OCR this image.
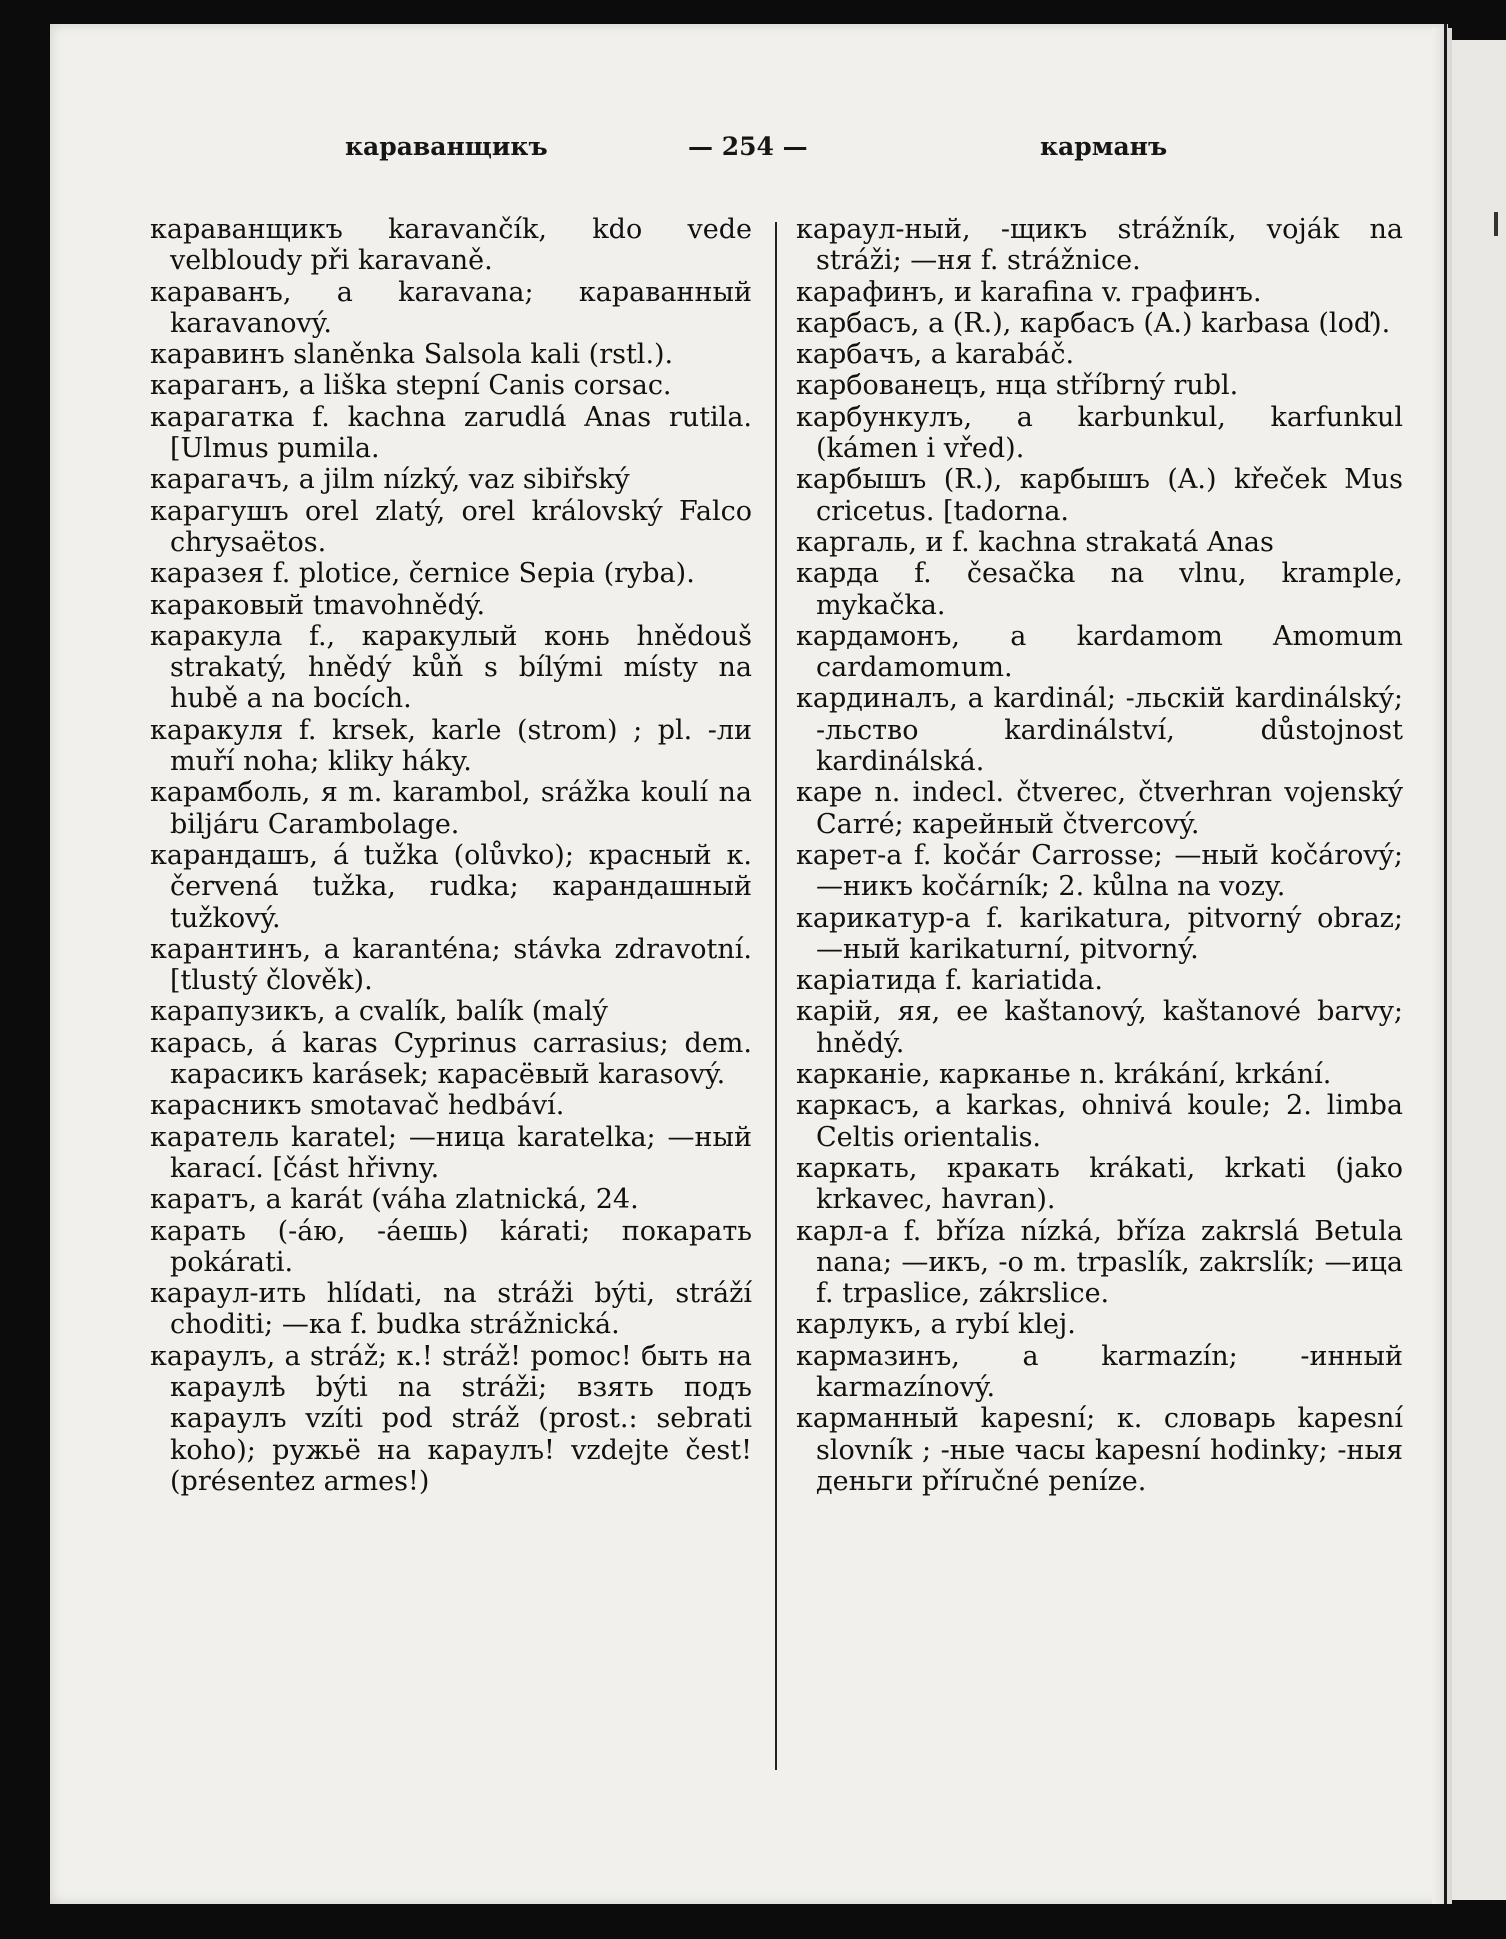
караванщикъ	— 254 —	карманъ

караванщикъ karavančík, kdo vede velbloudy při karavaně.

караванъ, a karavana; караванный karavanový.

каравинъ slaněnka Salsola kali (rstl.).

карaганъ, a liška stepní Canis corsac.

карагатка f. kachna zarudlá Anas rutila. [Ulmus pumila.

карагачъ, a jilm nízký, vaz sibiřský

карагушъ orel zlatý, orel královský Falco chrysaëtos.

каразея f. plotice, černice Sepia (ryba).

караковый tmavohnědý.

каракула f., каракулый конь hnědouš strakatý, hnědý kůň s bílými místy na hubě a na bocích.

каракуля f. krsek, karle (strom) ; pl. -ли muří noha; kliky háky.

карамболь, я m. karambol, srážka koulí na biljáru Carambolage.

карандашъ, á tužka (olůvko); красный к. červená tužka, rudka; карандашный tužkový.

карантинъ, a karanténa; stávka zdravotní. [tlustý člověk).

карапузикъ, a cvalík, balík (malý

карась, á karas Cyprinus carrasius; dem. карасикъ karásek; карасёвый karasový.

карасникъ smotavač hedbáví.

каратель karatel; —ница karatelka; —ный karací. [část hřivny.

каратъ, a karát (váha zlatnická, 24.

карать (-áю, -áешь) kárati; покарать pokárati.

карaул-ить hlídati, na stráži býti, stráží choditi; —ка f. budka strážnická.

караулъ, a stráž; к.! stráž! pomoc! быть на караулѣ býti na stráži; взять подъ караулъ vzíti pod stráž (prost.: sebrati koho); ружьё на караулъ! vzdejte čest! (présentez armes!)

караул-ный, -щикъ strážník, voják na stráži; —ня f. strážnice.

карафинъ, и karafina v. графинъ.

карбасъ, a (R.), карбасъ (A.) karbasa (loď).

карбачъ, a karabáč.

карбованецъ, нца stříbrný rubl.

карбункулъ, a karbunkul, karfunkul (kámen i vřed).

карбышъ (R.), карбышъ (A.) křeček Mus cricetus. [tadorna.

каргаль, и f. kachna strakatá Anas

карда f. česačka na vlnu, krample, mykačka.

кардамонъ, a kardamom Amomum cardamomum.

кардиналъ, a kardinál; -льскій kardinálský; -льство kardinálství, důstojnost kardinálská.

каре n. indecl. čtverec, čtverhran vojenský Carré; карейный čtvercový.

карет-а f. kočár Carrosse; —ный kočárový; —никъ kočárník; 2. kůlna na vozy.

карикатур-а f. karikatura, pitvorný obraz; —ный karikaturní, pitvorný.

каріатида f. kariatida.

карій, яя, ее kaštanový, kaštanové barvy; hnědý.

карканіе, карканье n. krákání, krkání.

каркасъ, a karkas, ohnivá koule; 2. limba Celtis orientalis.

каркать, кракать krákati, krkati (jako krkavec, havran).

карл-а f. bříza nízká, bříza zakrslá Betula nana; —икъ, -o m. trpaslík, zakrslík; —ица f. trpaslice, zákrslice.

карлукъ, a rybí klej.

кармазинъ, a karmazín; -инный karmazínový.

карманный kapesní; к. словарь kapesní slovník ; -ные часы kapesní hodinky; -ныя деньги příručné peníze.
